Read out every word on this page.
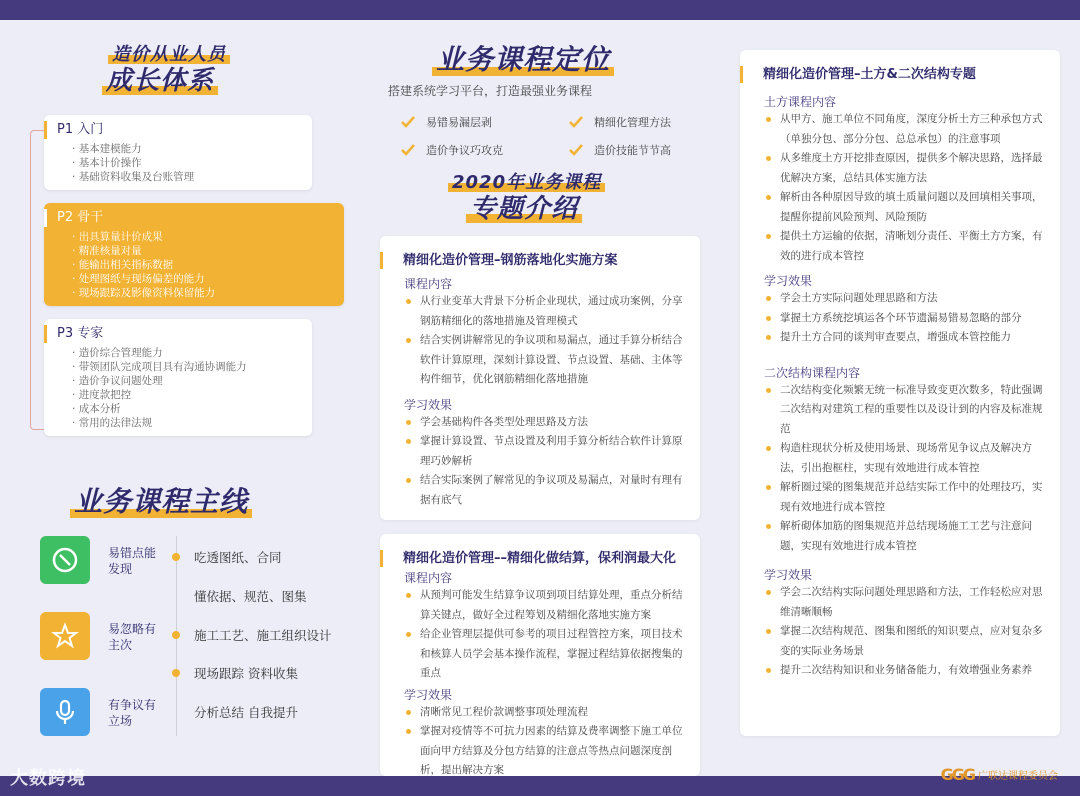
造价从业人员
成长体系
P1 入门
· 基本建模能力
· 基本计价操作
· 基础资料收集及台账管理
P2 骨干
· 出具算量计价成果
· 精准核量对量
· 能输出相关指标数据
· 处理图纸与现场偏差的能力
· 现场跟踪及影像资料保留能力
P3 专家
· 造价综合管理能力
· 带领团队完成项目具有沟通协调能力
· 造价争议问题处理
· 进度款把控
· 成本分析
· 常用的法律法规
业务课程主线
易错点能发现
易忽略有主次
有争议有立场
吃透图纸、合同
懂依据、规范、图集
施工工艺、施工组织设计
现场跟踪 资料收集
分析总结 自我提升
业务课程定位
搭建系统学习平台，打造最强业务课程
易错易漏层剥	精细化管理方法
造价争议巧攻克	造价技能节节高
2020年业务课程
专题介绍
精细化造价管理–钢筋落地化实施方案
课程内容
从行业变革大背景下分析企业现状，通过成功案例，分享钢筋精细化的落地措施及管理模式
结合实例讲解常见的争议项和易漏点，通过手算分析结合软件计算原理，深刻计算设置、节点设置、基础、主体等构件细节，优化钢筋精细化落地措施
学习效果
学会基础构件各类型处理思路及方法
掌握计算设置、节点设置及利用手算分析结合软件计算原理巧妙解析
结合实际案例了解常见的争议项及易漏点，对量时有理有据有底气
精细化造价管理––精细化做结算，保利润最大化
课程内容
从预判可能发生结算争议项到项目结算处理，重点分析结算关键点，做好全过程筹划及精细化落地实施方案
给企业管理层提供可参考的项目过程管控方案，项目技术和核算人员学会基本操作流程，掌握过程结算依据搜集的重点
学习效果
清晰常见工程价款调整事项处理流程
掌握对疫情等不可抗力因素的结算及费率调整下施工单位面向甲方结算及分包方结算的注意点等热点问题深度剖析，提出解决方案
精细化造价管理–土方&二次结构专题
土方课程内容
从甲方、施工单位不同角度，深度分析土方三种承包方式（单独分包、部分分包、总总承包）的注意事项
从多维度土方开挖排查原因，提供多个解决思路，选择最优解决方案，总结具体实施方法
解析由各种原因导致的填土质量问题以及回填相关事项，提醒你提前风险预判、风险预防
提供土方运输的依据，清晰划分责任、平衡土方方案，有效的进行成本管控
学习效果
学会土方实际问题处理思路和方法
掌握土方系统挖填运各个环节遗漏易错易忽略的部分
提升土方合同的谈判审查要点，增强成本管控能力
二次结构课程内容
二次结构变化频繁无统一标准导致变更次数多，特此强调二次结构对建筑工程的重要性以及设计到的内容及标准规范
构造柱现状分析及使用场景、现场常见争议点及解决方法，引出抱框柱，实现有效地进行成本管控
解析圈过梁的图集规范并总结实际工作中的处理技巧，实现有效地进行成本管控
解析砌体加筋的图集规范并总结现场施工工艺与注意问题，实现有效地进行成本管控
学习效果
学会二次结构实际问题处理思路和方法，工作轻松应对思维清晰顺畅
掌握二次结构规范、图集和图纸的知识要点，应对复杂多变的实际业务场景
提升二次结构知识和业务储备能力，有效增强业务素养
大数跨境	GGG 广联达课程委员会
